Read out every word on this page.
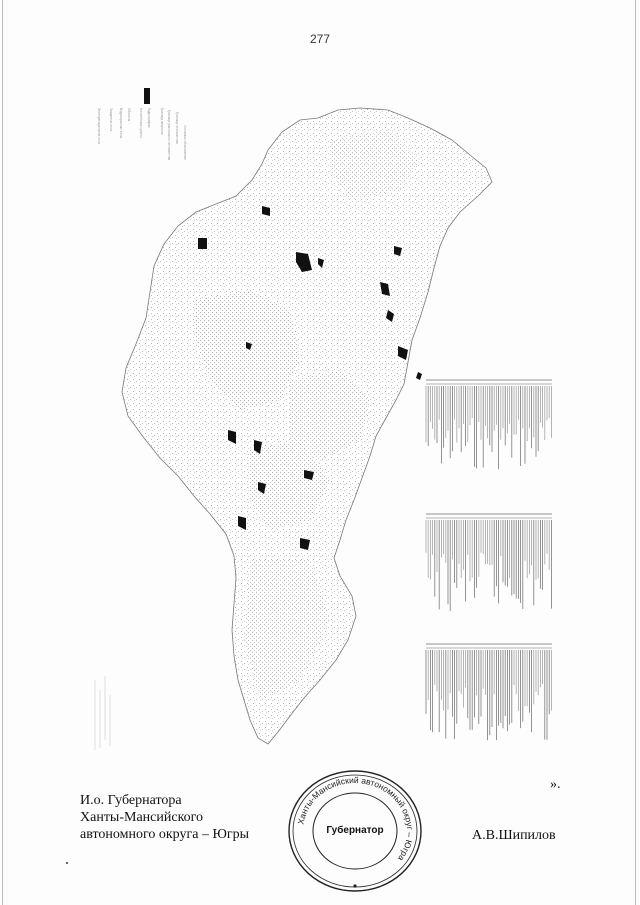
277
Условные обозначения
Граница лесничества
Граница участкового лесничества
Граница квартала
Гидрография
Населённые пункты
Объекты
Водоохранные зоны
Защитные леса
Эксплуатационные леса
».
И.о. Губернатора
Ханты-Мансийского
автономного округа – Югры
Ханты-Мансийский автономный округ – Югра
Губернатор	А.В.Шипилов
